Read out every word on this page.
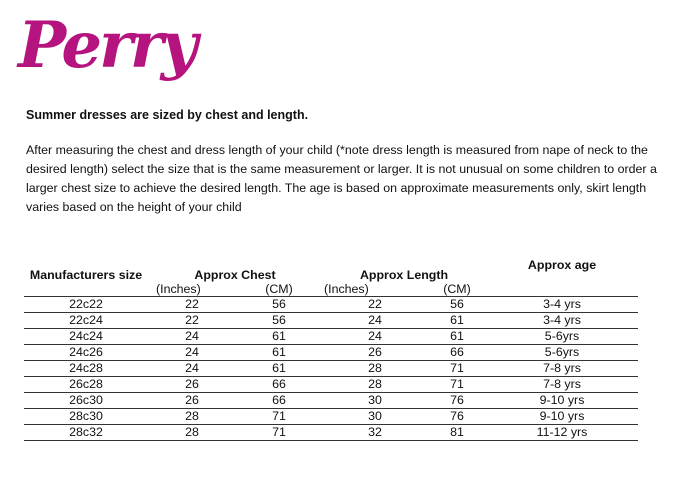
Perry
Summer dresses are sized by chest and length.

After measuring the chest and dress length of your child (*note dress length is measured from nape of neck to the desired length) select the size that is the same measurement or larger. It is not unusual on some children to order a larger chest size to achieve the desired length. The age is based on approximate measurements only, skirt length varies based on the height of your child

Manufacturers size	Approx Chest		Approx Length		Approx age
	(Inches)	(CM)	(Inches)	(CM)	
22c22	22	56	22	56	3-4 yrs
22c24	22	56	24	61	3-4 yrs
24c24	24	61	24	61	5-6yrs
24c26	24	61	26	66	5-6yrs
24c28	24	61	28	71	7-8 yrs
26c28	26	66	28	71	7-8 yrs
26c30	26	66	30	76	9-10 yrs
28c30	28	71	30	76	9-10 yrs
28c32	28	71	32	81	11-12 yrs
